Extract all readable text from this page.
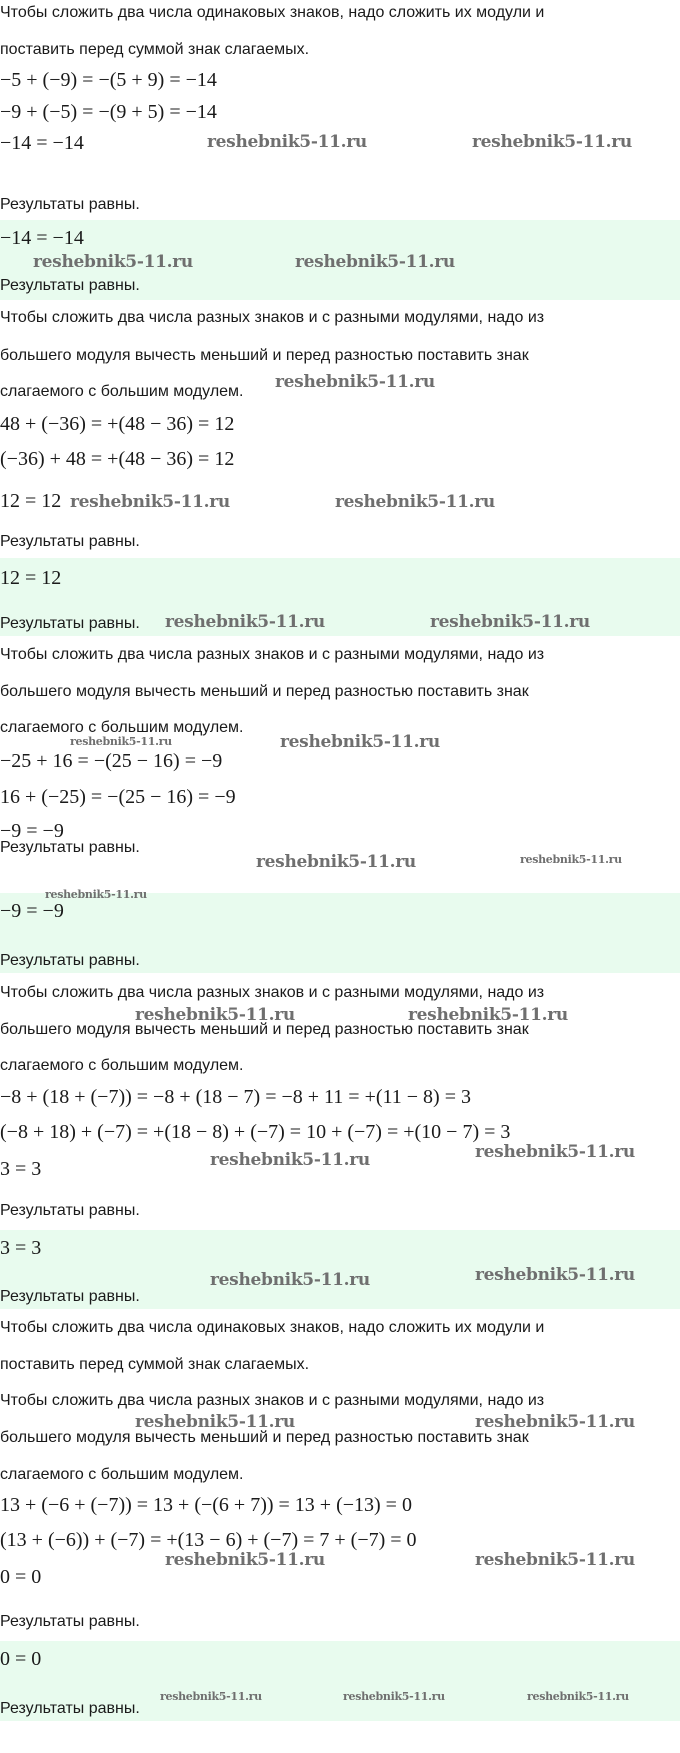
Чтобы сложить два числа одинаковых знаков, надо сложить их модули и
поставить перед суммой знак слагаемых.
−5 + (−9) = −(5 + 9) = −14
−9 + (−5) = −(9 + 5) = −14
−14 = −14
Результаты равны.
−14 = −14
Результаты равны.
Чтобы сложить два числа разных знаков и с разными модулями, надо из
большего модуля вычесть меньший и перед разностью поставить знак
слагаемого с большим модулем.
48 + (−36) = +(48 − 36) = 12
(−36) + 48 = +(48 − 36) = 12
12 = 12
Результаты равны.
12 = 12
Результаты равны.
Чтобы сложить два числа разных знаков и с разными модулями, надо из
большего модуля вычесть меньший и перед разностью поставить знак
слагаемого с большим модулем.
−25 + 16 = −(25 − 16) = −9
16 + (−25) = −(25 − 16) = −9
−9 = −9
Результаты равны.
−9 = −9
Результаты равны.
Чтобы сложить два числа разных знаков и с разными модулями, надо из
большего модуля вычесть меньший и перед разностью поставить знак
слагаемого с большим модулем.
−8 + (18 + (−7)) = −8 + (18 − 7) = −8 + 11 = +(11 − 8) = 3
(−8 + 18) + (−7) = +(18 − 8) + (−7) = 10 + (−7) = +(10 − 7) = 3
3 = 3
Результаты равны.
3 = 3
Результаты равны.
Чтобы сложить два числа одинаковых знаков, надо сложить их модули и
поставить перед суммой знак слагаемых.
Чтобы сложить два числа разных знаков и с разными модулями, надо из
большего модуля вычесть меньший и перед разностью поставить знак
слагаемого с большим модулем.
13 + (−6 + (−7)) = 13 + (−(6 + 7)) = 13 + (−13) = 0
(13 + (−6)) + (−7) = +(13 − 6) + (−7) = 7 + (−7) = 0
0 = 0
Результаты равны.
0 = 0
Результаты равны.
reshebnik5-11.ru	reshebnik5-11.ru
reshebnik5-11.ru	reshebnik5-11.ru
reshebnik5-11.ru
reshebnik5-11.ru	reshebnik5-11.ru
reshebnik5-11.ru	reshebnik5-11.ru
reshebnik5-11.ru	reshebnik5-11.ru
reshebnik5-11.ru	reshebnik5-11.ru
reshebnik5-11.ru
reshebnik5-11.ru	reshebnik5-11.ru
reshebnik5-11.ru
reshebnik5-11.ru
reshebnik5-11.ru	reshebnik5-11.ru
reshebnik5-11.ru	reshebnik5-11.ru
reshebnik5-11.ru	reshebnik5-11.ru
reshebnik5-11.ru	reshebnik5-11.ru	reshebnik5-11.ru
